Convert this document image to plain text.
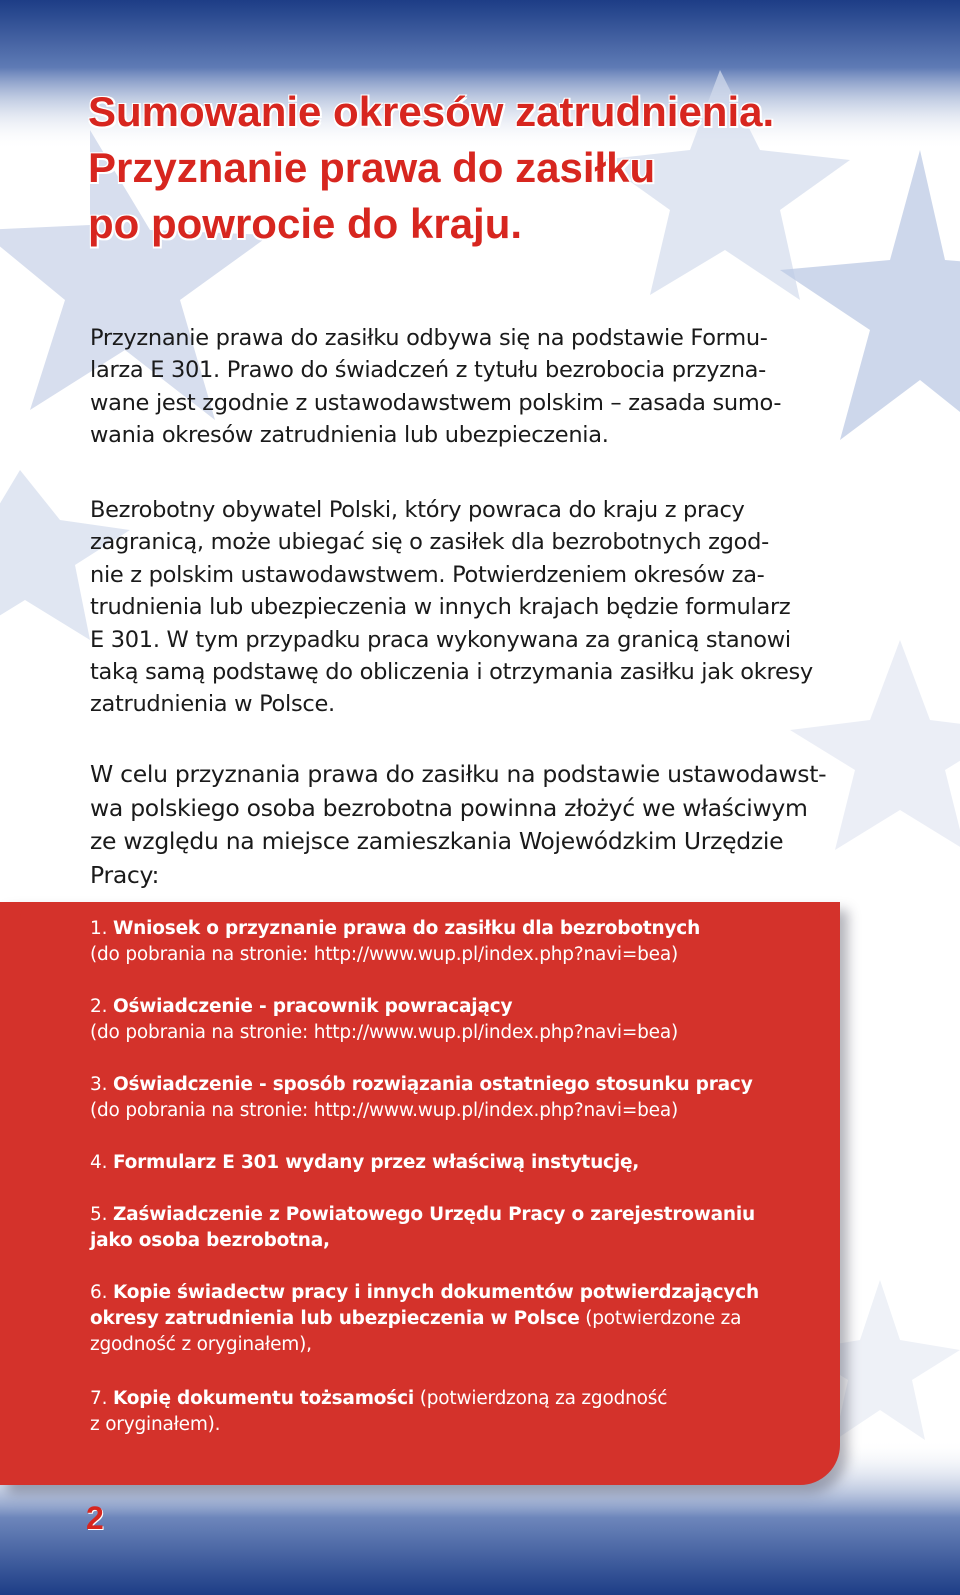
Sumowanie okresów zatrudnienia.
Przyznanie prawa do zasiłku
po powrocie do kraju.

Przyznanie prawa do zasiłku odbywa się na podstawie Formu-
larza E 301. Prawo do świadczeń z tytułu bezrobocia przyzna-
wane jest zgodnie z ustawodawstwem polskim – zasada sumo-
wania okresów zatrudnienia lub ubezpieczenia.

Bezrobotny obywatel Polski, który powraca do kraju z pracy
zagranicą, może ubiegać się o zasiłek dla bezrobotnych zgod-
nie z polskim ustawodawstwem. Potwierdzeniem okresów za-
trudnienia lub ubezpieczenia w innych krajach będzie formularz
E 301. W tym przypadku praca wykonywana za granicą stanowi
taką samą podstawę do obliczenia i otrzymania zasiłku jak okresy
zatrudnienia w Polsce.

W celu przyznania prawa do zasiłku na podstawie ustawodawst-
wa polskiego osoba bezrobotna powinna złożyć we właściwym
ze względu na miejsce zamieszkania Wojewódzkim Urzędzie
Pracy:

1. Wniosek o przyznanie prawa do zasiłku dla bezrobotnych
(do pobrania na stronie: http://www.wup.pl/index.php?navi=bea)

2. Oświadczenie - pracownik powracający
(do pobrania na stronie: http://www.wup.pl/index.php?navi=bea)

3. Oświadczenie - sposób rozwiązania ostatniego stosunku pracy
(do pobrania na stronie: http://www.wup.pl/index.php?navi=bea)

4. Formularz E 301 wydany przez właściwą instytucję,

5. Zaświadczenie z Powiatowego Urzędu Pracy o zarejestrowaniu
jako osoba bezrobotna,

6. Kopie świadectw pracy i innych dokumentów potwierdzających
okresy zatrudnienia lub ubezpieczenia w Polsce (potwierdzone za
zgodność z oryginałem),

7. Kopię dokumentu tożsamości (potwierdzoną za zgodność
z oryginałem).

2
